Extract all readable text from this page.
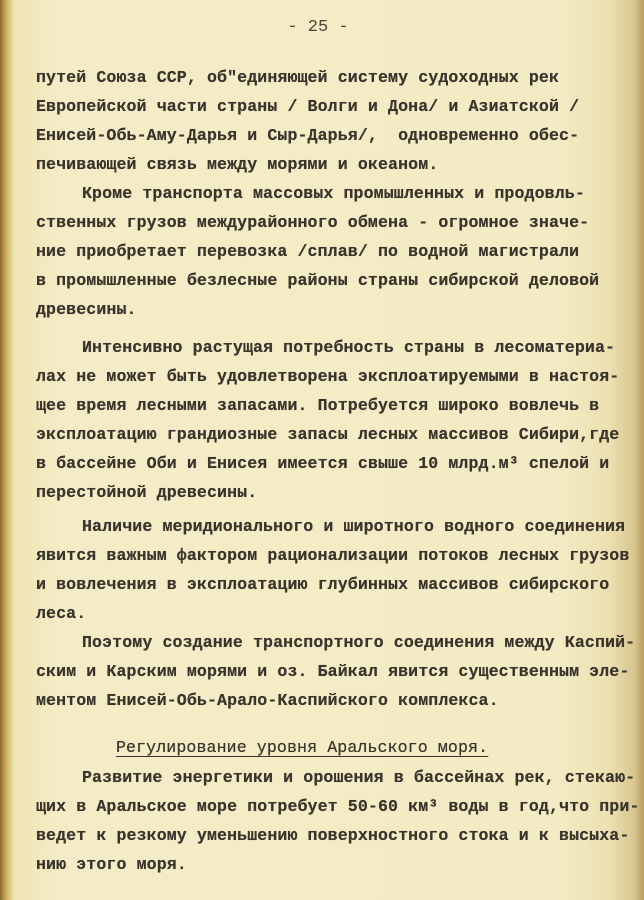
- 25 -
путей Союза ССР, об"единяющей систему судоходных рек
Европейской части страны / Волги и Дона/ и Азиатской /
Енисей-Обь-Аму-Дарья и Сыр-Дарья/,  одновременно обес-
печивающей связь между морями и океаном.
Кроме транспорта массовых промышленных и продовль-
ственных грузов междурайонного обмена - огромное значе-
ние приобретает перевозка /сплав/ по водной магистрали
в промышленные безлесные районы страны сибирской деловой
древесины.
Интенсивно растущая потребность страны в лесоматериа-
лах не может быть удовлетворена эксплоатируемыми в настоя-
щее время лесными запасами. Потребуется широко вовлечь в
эксплоатацию грандиозные запасы лесных массивов Сибири,где
в бассейне Оби и Енисея имеется свыше 10 млрд.м³ спелой и
перестойной древесины.
Наличие меридионального и широтного водного соединения
явится важным фактором рационализации потоков лесных грузов
и вовлечения в эксплоатацию глубинных массивов сибирского
леса.
Поэтому создание транспортного соединения между Каспий-
ским и Карским морями и оз. Байкал явится существенным эле-
ментом Енисей-Обь-Арало-Каспийского комплекса.
Регулирование уровня Аральского моря.
Развитие энергетики и орошения в бассейнах рек, стекаю-
щих в Аральское море потребует 50-60 км³ воды в год,что при-
ведет к резкому уменьшению поверхностного стока и к высыха-
нию этого моря.
